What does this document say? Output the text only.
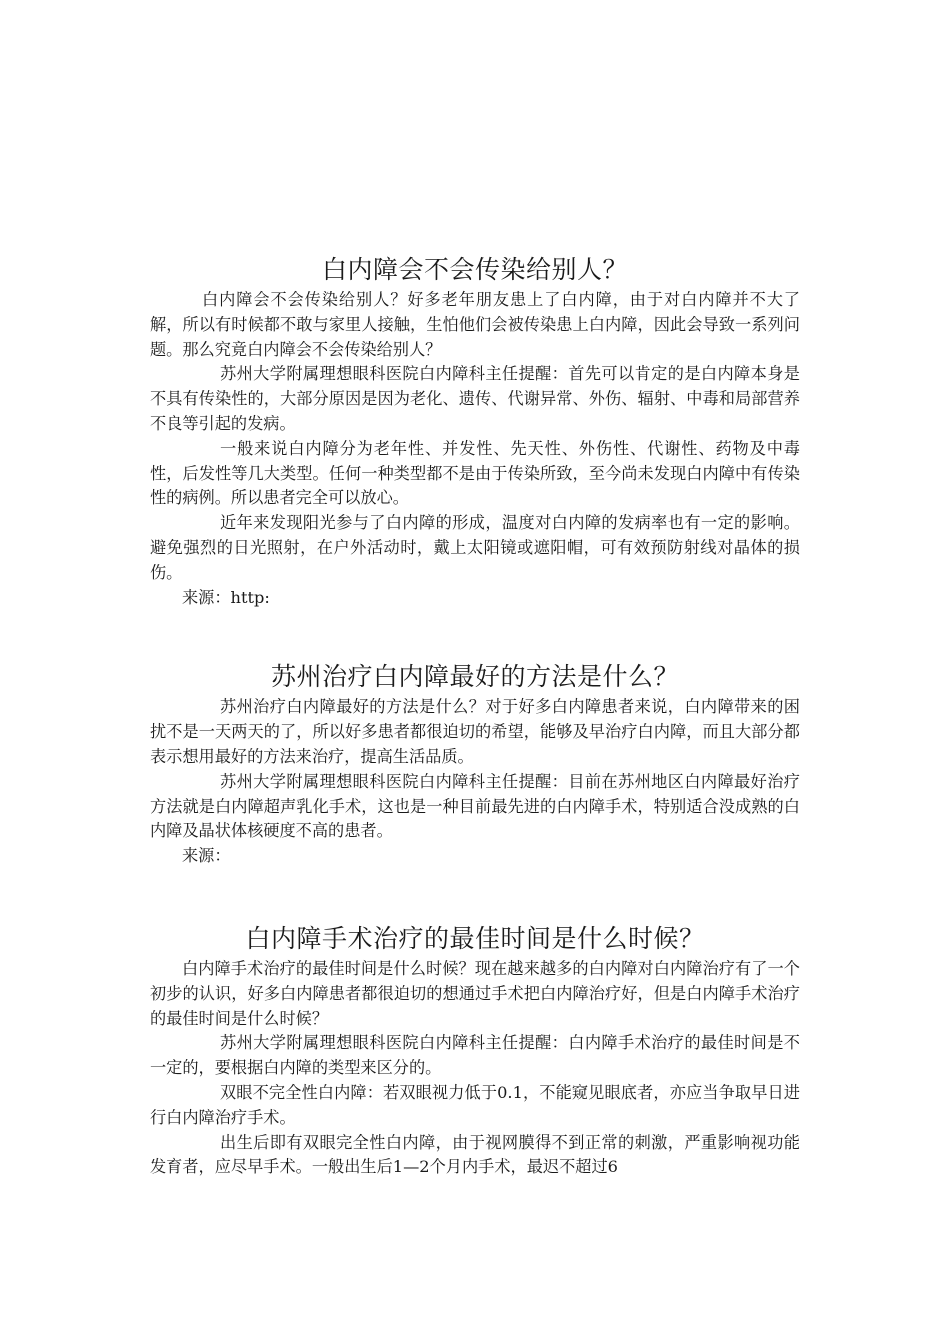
白内障会不会传染给别人？

白内障会不会传染给别人？好多老年朋友患上了白内障，由于对白内障并不大了解，所以有时候都不敢与家里人接触，生怕他们会被传染患上白内障，因此会导致一系列问题。那么究竟白内障会不会传染给别人？

苏州大学附属理想眼科医院白内障科主任提醒：首先可以肯定的是白内障本身是不具有传染性的，大部分原因是因为老化、遗传、代谢异常、外伤、辐射、中毒和局部营养不良等引起的发病。

一般来说白内障分为老年性、并发性、先天性、外伤性、代谢性、药物及中毒性，后发性等几大类型。任何一种类型都不是由于传染所致，至今尚未发现白内障中有传染性的病例。所以患者完全可以放心。

近年来发现阳光参与了白内障的形成，温度对白内障的发病率也有一定的影响。避免强烈的日光照射，在户外活动时，戴上太阳镜或遮阳帽，可有效预防射线对晶体的损伤。

来源：http:

苏州治疗白内障最好的方法是什么？

苏州治疗白内障最好的方法是什么？对于好多白内障患者来说，白内障带来的困扰不是一天两天的了，所以好多患者都很迫切的希望，能够及早治疗白内障，而且大部分都表示想用最好的方法来治疗，提高生活品质。

苏州大学附属理想眼科医院白内障科主任提醒：目前在苏州地区白内障最好治疗方法就是白内障超声乳化手术，这也是一种目前最先进的白内障手术，特别适合没成熟的白内障及晶状体核硬度不高的患者。

来源：

白内障手术治疗的最佳时间是什么时候？

白内障手术治疗的最佳时间是什么时候？现在越来越多的白内障对白内障治疗有了一个初步的认识，好多白内障患者都很迫切的想通过手术把白内障治疗好，但是白内障手术治疗的最佳时间是什么时候？

苏州大学附属理想眼科医院白内障科主任提醒：白内障手术治疗的最佳时间是不一定的，要根据白内障的类型来区分的。

双眼不完全性白内障：若双眼视力低于0.1，不能窥见眼底者，亦应当争取早日进行白内障治疗手术。

出生后即有双眼完全性白内障，由于视网膜得不到正常的刺激，严重影响视功能发育者，应尽早手术。一般出生后1—2个月内手术，最迟不超过6
